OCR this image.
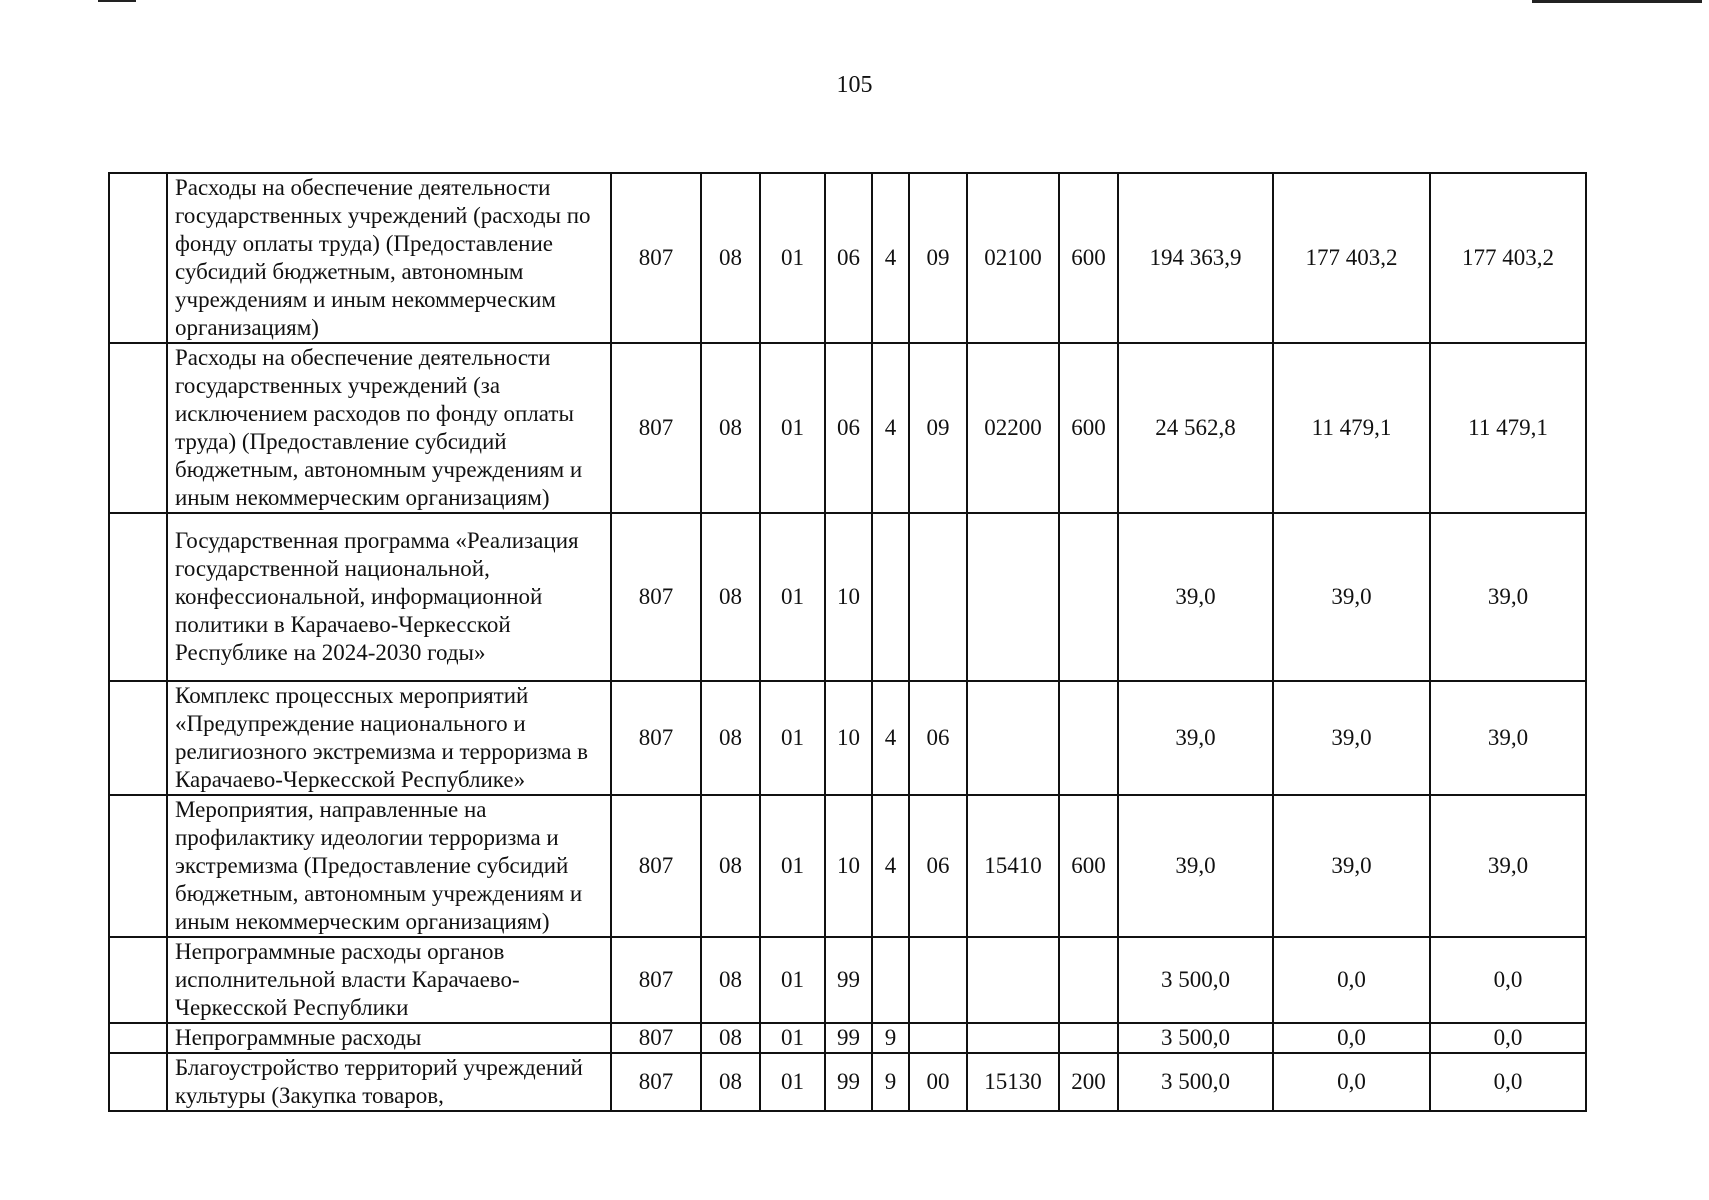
105
	Расходы на обеспечение деятельности государственных учреждений (расходы по фонду оплаты труда) (Предоставление субсидий бюджетным, автономным учреждениям и иным некоммерческим организациям)	807	08	01	06	4	09	02100	600	194 363,9	177 403,2	177 403,2
	Расходы на обеспечение деятельности государственных учреждений (за исключением расходов по фонду оплаты труда) (Предоставление субсидий бюджетным, автономным учреждениям и иным некоммерческим организациям)	807	08	01	06	4	09	02200	600	24 562,8	11 479,1	11 479,1
	Государственная программа «Реализация государственной национальной, конфессиональной, информационной политики в Карачаево-Черкесской Республике на 2024-2030 годы»	807	08	01	10					39,0	39,0	39,0
	Комплекс процессных мероприятий «Предупреждение национального и религиозного экстремизма и терроризма в Карачаево-Черкесской Республике»	807	08	01	10	4	06			39,0	39,0	39,0
	Мероприятия, направленные на профилактику идеологии терроризма и экстремизма (Предоставление субсидий бюджетным, автономным учреждениям и иным некоммерческим организациям)	807	08	01	10	4	06	15410	600	39,0	39,0	39,0
	Непрограммные расходы органов исполнительной власти Карачаево-Черкесской Республики	807	08	01	99					3 500,0	0,0	0,0
	Непрограммные расходы	807	08	01	99	9				3 500,0	0,0	0,0
	Благоустройство территорий учреждений культуры (Закупка товаров,	807	08	01	99	9	00	15130	200	3 500,0	0,0	0,0
